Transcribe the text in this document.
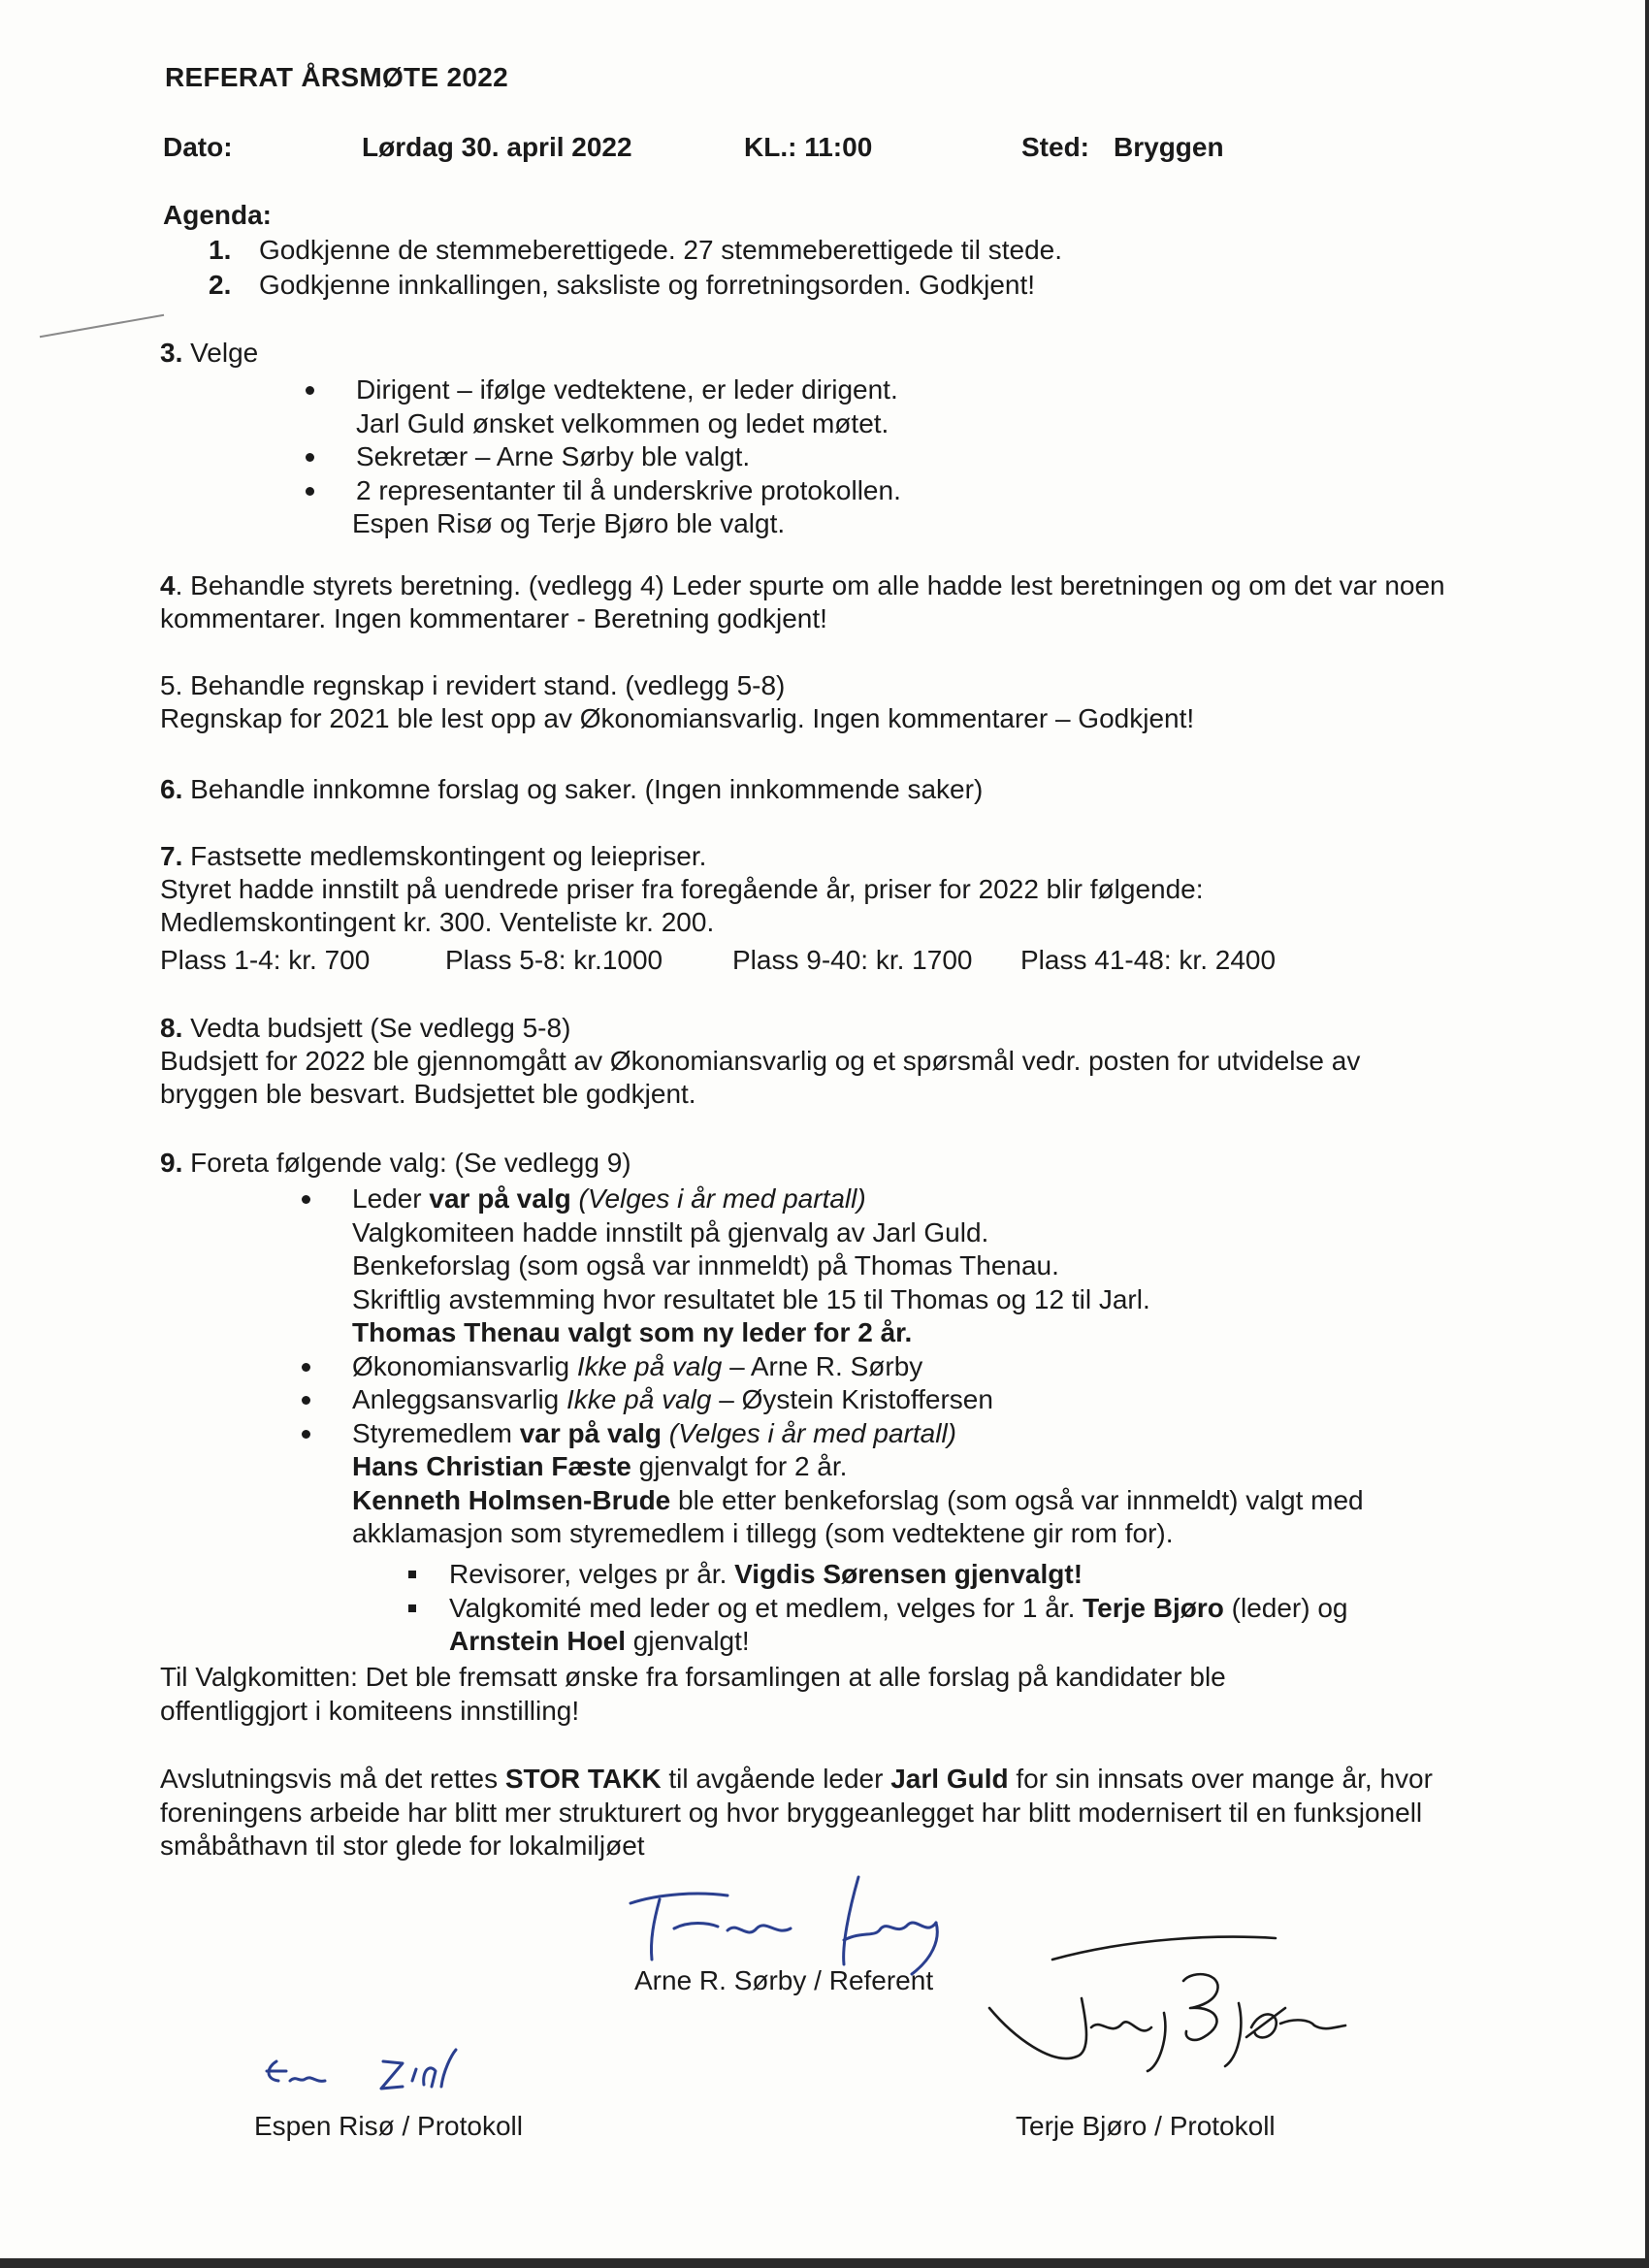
REFERAT ÅRSMØTE 2022
Dato:	Lørdag 30. april 2022	KL.: 11:00	Sted: Bryggen
Agenda:
1. Godkjenne de stemmeberettigede. 27 stemmeberettigede til stede.
2. Godkjenne innkallingen, saksliste og forretningsorden. Godkjent!
3. Velge
Dirigent – ifølge vedtektene, er leder dirigent.
Jarl Guld ønsket velkommen og ledet møtet.
Sekretær – Arne Sørby ble valgt.
2 representanter til å underskrive protokollen.
Espen Risø og Terje Bjøro ble valgt.

4. Behandle styrets beretning. (vedlegg 4) Leder spurte om alle hadde lest beretningen og om det var noen kommentarer. Ingen kommentarer - Beretning godkjent!

5. Behandle regnskap i revidert stand. (vedlegg 5-8)

Regnskap for 2021 ble lest opp av Økonomiansvarlig. Ingen kommentarer – Godkjent!

6. Behandle innkomne forslag og saker. (Ingen innkommende saker)

7. Fastsette medlemskontingent og leiepriser.

Styret hadde innstilt på uendrede priser fra foregående år, priser for 2022 blir følgende:

Medlemskontingent kr. 300. Venteliste kr. 200.

Plass 1-4: kr. 700	Plass 5-8: kr.1000	Plass 9-40: kr. 1700 Plass 41-48: kr. 2400

8. Vedta budsjett (Se vedlegg 5-8)

Budsjett for 2022 ble gjennomgått av Økonomiansvarlig og et spørsmål vedr. posten for utvidelse av bryggen ble besvart. Budsjettet ble godkjent.

9. Foreta følgende valg: (Se vedlegg 9)
Leder var på valg (Velges i år med partall)
Valgkomiteen hadde innstilt på gjenvalg av Jarl Guld.
Benkeforslag (som også var innmeldt) på Thomas Thenau.
Skriftlig avstemming hvor resultatet ble 15 til Thomas og 12 til Jarl.
Thomas Thenau valgt som ny leder for 2 år.
Økonomiansvarlig Ikke på valg – Arne R. Sørby
Anleggsansvarlig Ikke på valg – Øystein Kristoffersen
Styremedlem var på valg (Velges i år med partall)
Hans Christian Fæste gjenvalgt for 2 år.
Kenneth Holmsen-Brude ble etter benkeforslag (som også var innmeldt) valgt med
akklamasjon som styremedlem i tillegg (som vedtektene gir rom for).
Revisorer, velges pr år. Vigdis Sørensen gjenvalgt!
Valgkomité med leder og et medlem, velges for 1 år. Terje Bjøro (leder) og
Arnstein Hoel gjenvalgt!

Til Valgkomitten: Det ble fremsatt ønske fra forsamlingen at alle forslag på kandidater ble

offentliggjort i komiteens innstilling!

Avslutningsvis må det rettes STOR TAKK til avgående leder Jarl Guld for sin innsats over mange år, hvor foreningens arbeide har blitt mer strukturert og hvor bryggeanlegget har blitt modernisert til en funksjonell småbåthavn til stor glede for lokalmiljøet

Arne R. Sørby / Referent
Espen Risø / Protokoll	Terje Bjøro / Protokoll
